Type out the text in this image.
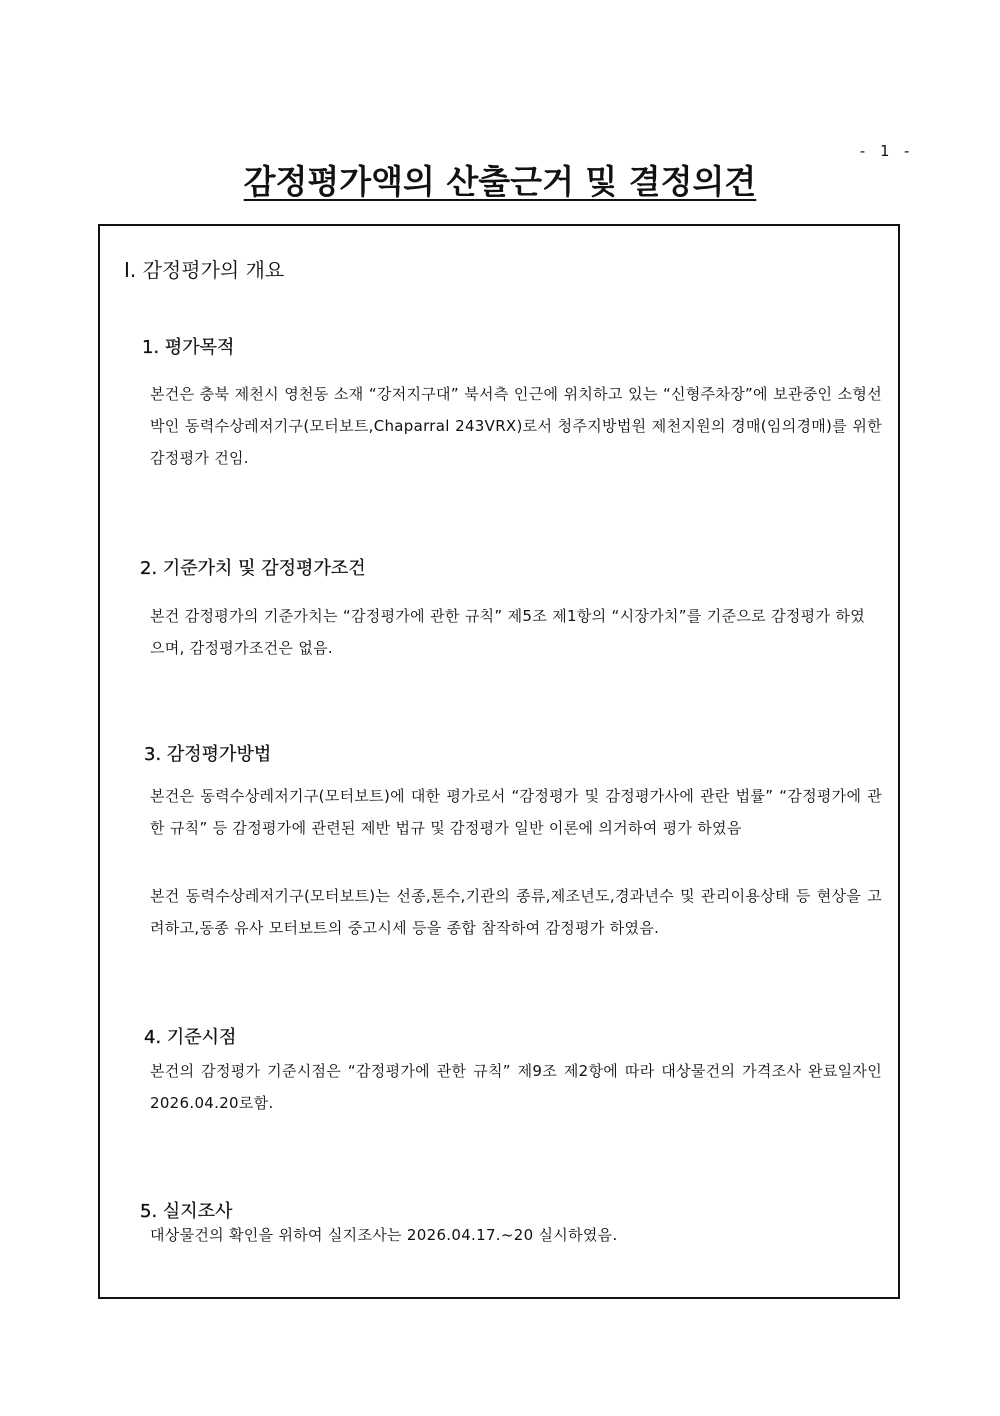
- 1 -
감정평가액의 산출근거 및 결정의견
Ⅰ. 감정평가의 개요
1. 평가목적

본건은 충북 제천시 영천동 소재 “강저지구대” 북서측 인근에 위치하고 있는 “신형주차장”에 보관중인 소형선박인 동력수상레저기구(모터보트,Chaparral 243VRX)로서 청주지방법원 제천지원의 경매(임의경매)를 위한 감정평가 건임.

2. 기준가치 및 감정평가조건

본건 감정평가의 기준가치는 “감정평가에 관한 규칙” 제5조 제1항의 “시장가치”를 기준으로 감정평가 하였으며, 감정평가조건은 없음.

3. 감정평가방법

본건은 동력수상레저기구(모터보트)에 대한 평가로서 “감정평가 및 감정평가사에 관란 법률” “감정평가에 관한 규칙” 등 감정평가에 관련된 제반 법규 및 감정평가 일반 이론에 의거하여 평가 하였음

본건 동력수상레저기구(모터보트)는 선종,톤수,기관의 종류,제조년도,경과년수 및 관리이용상태 등 현상을 고려하고,동종 유사 모터보트의 중고시세 등을 종합 참작하여 감정평가 하였음.

4. 기준시점

본건의 감정평가 기준시점은 “감정평가에 관한 규칙” 제9조 제2항에 따라 대상물건의 가격조사 완료일자인 2026.04.20로함.

5. 실지조사

대상물건의 확인을 위하여 실지조사는 2026.04.17.~20 실시하였음.
